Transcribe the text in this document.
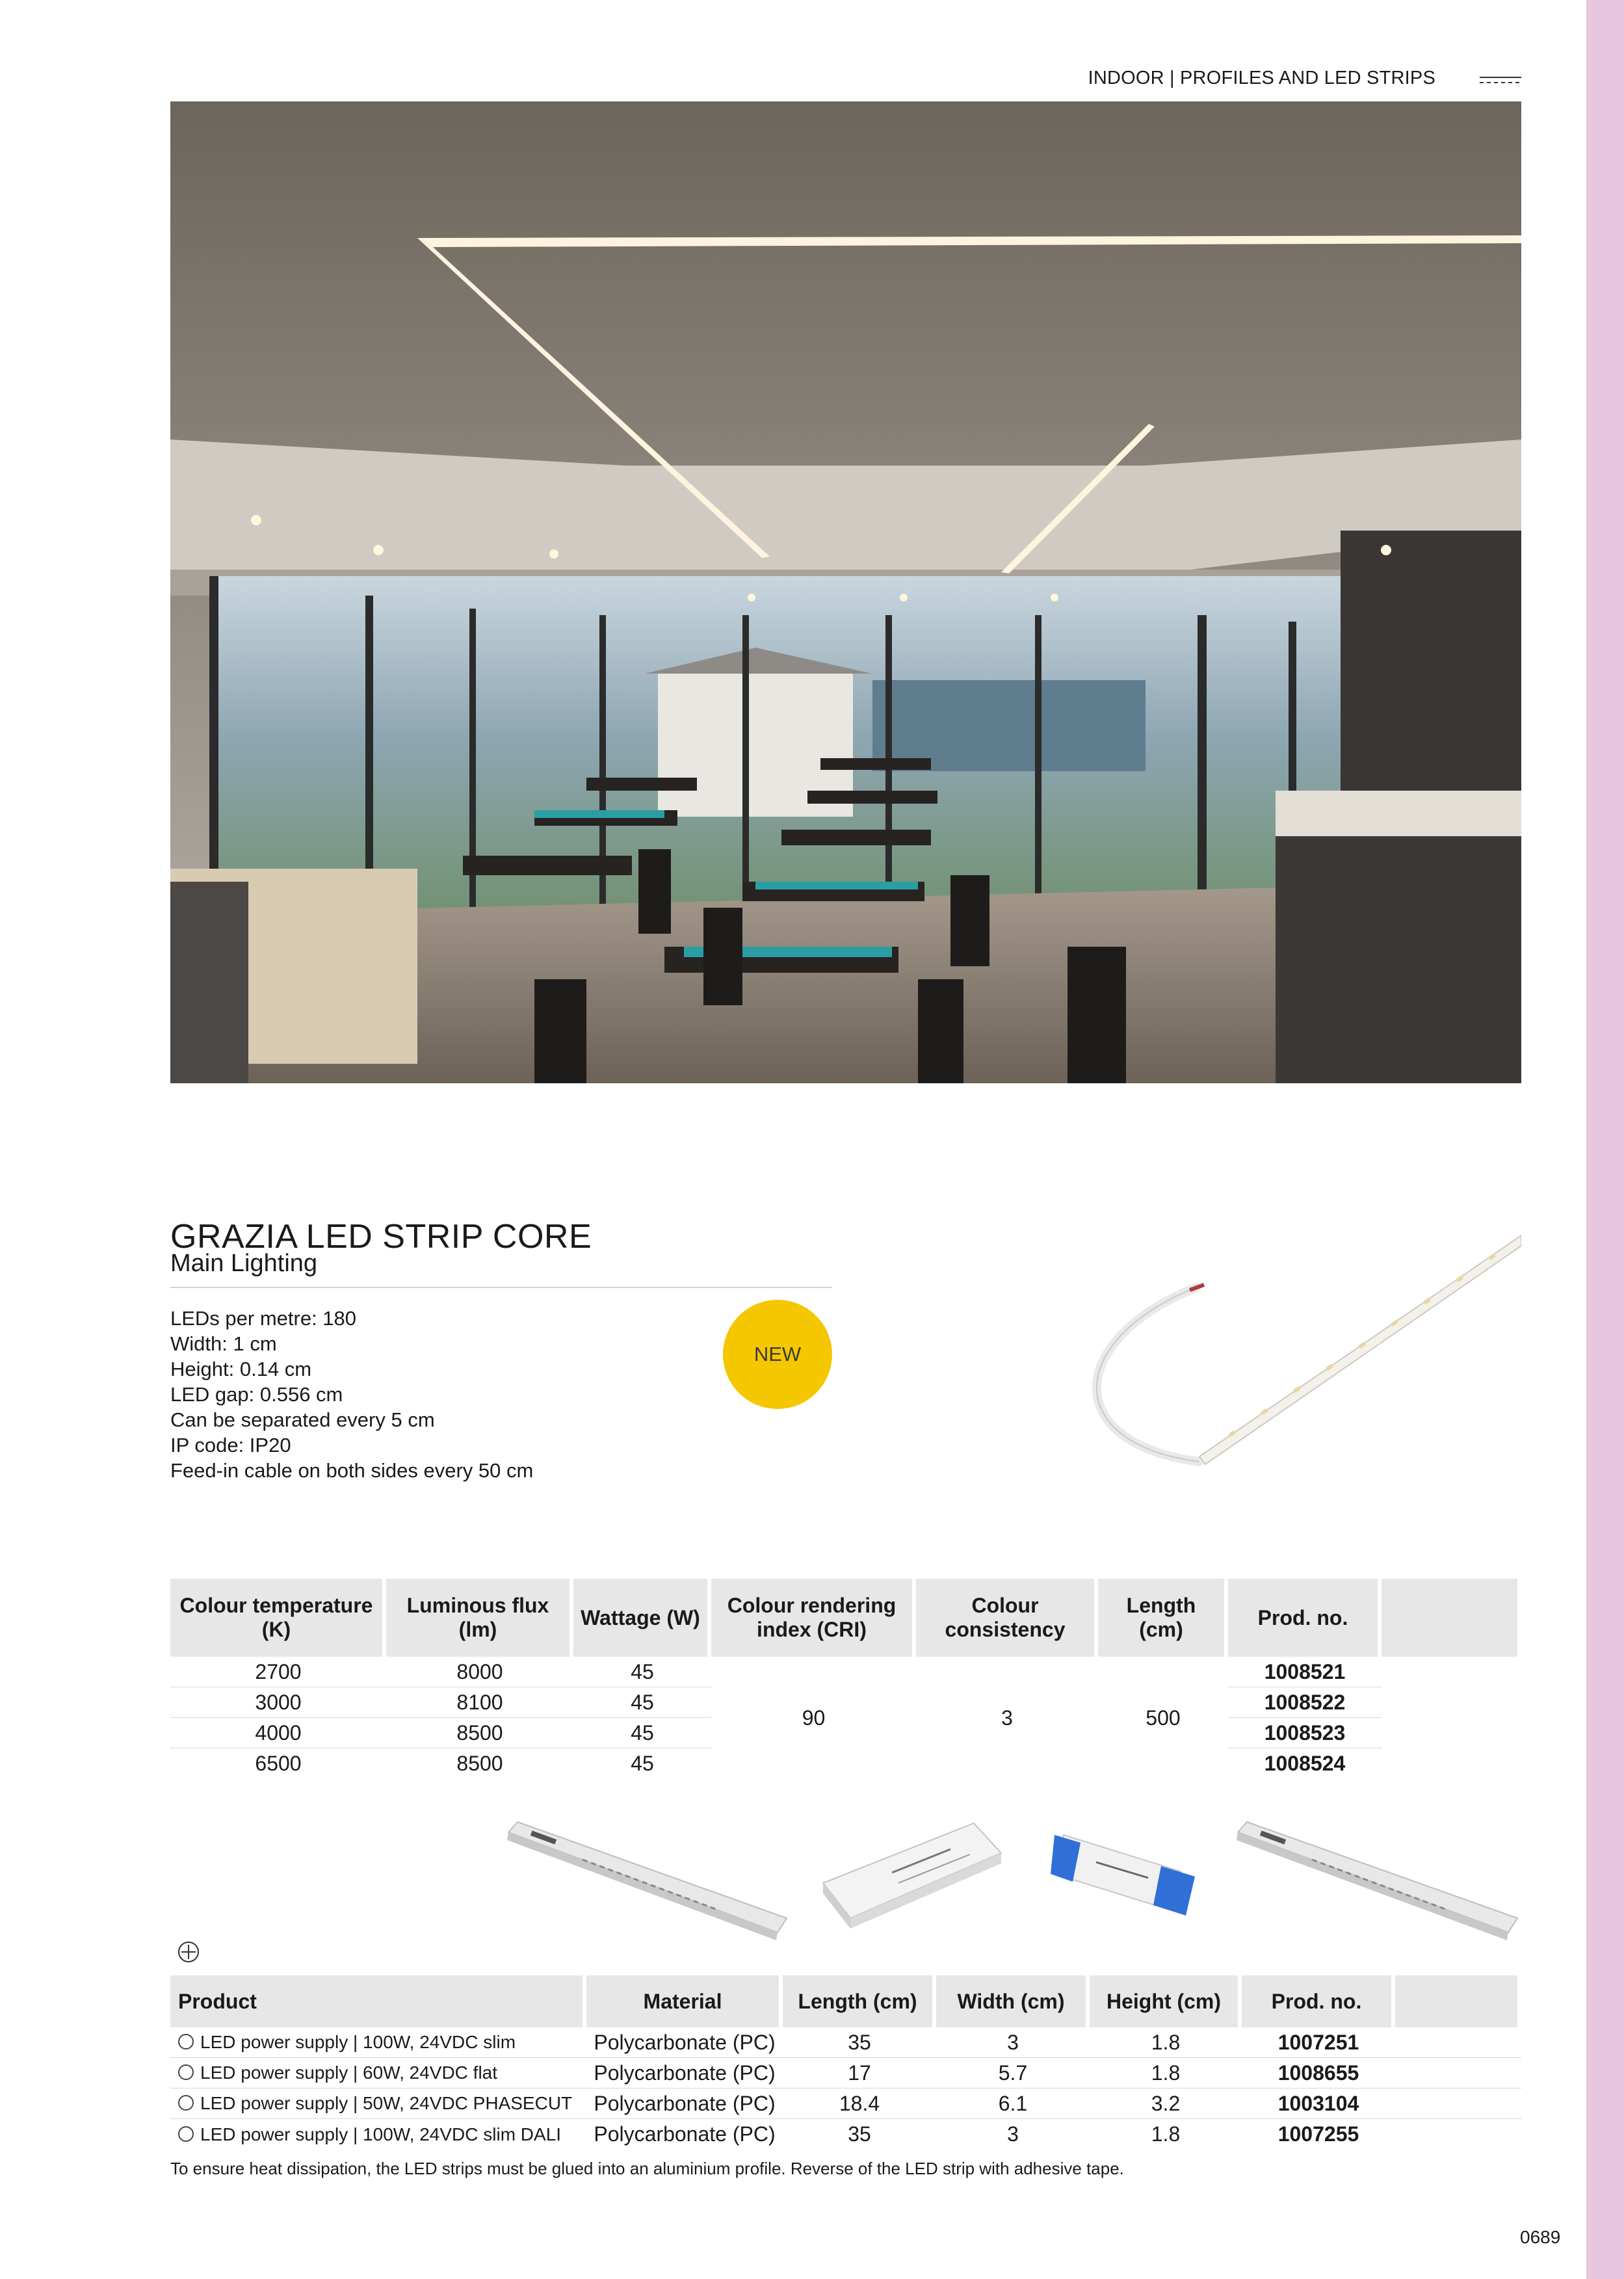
INDOOR | PROFILES AND LED STRIPS
GRAZIA LED STRIP CORE
Main Lighting
LEDs per metre: 180
Width: 1 cm
Height: 0.14 cm
LED gap: 0.556 cm
Can be separated every 5 cm
IP code: IP20
Feed-in cable on both sides every 50 cm
NEW
Colour temperature (K)	Luminous flux (lm)	Wattage (W)	Colour rendering index (CRI)	Colour consistency	Length (cm)	Prod. no.	
2700	8000	45	90	3	500	1008521	
3000	8100	45				1008522	
4000	8500	45				1008523	
6500	8500	45				1008524	
Product	Material	Length (cm)	Width (cm)	Height (cm)	Prod. no.	
LED power supply | 100W, 24VDC slim	Polycarbonate (PC)	35	3	1.8	1007251	
LED power supply | 60W, 24VDC flat	Polycarbonate (PC)	17	5.7	1.8	1008655	
LED power supply | 50W, 24VDC PHASECUT	Polycarbonate (PC)	18.4	6.1	3.2	1003104	
LED power supply | 100W, 24VDC slim DALI	Polycarbonate (PC)	35	3	1.8	1007255	
To ensure heat dissipation, the LED strips must be glued into an aluminium profile. Reverse of the LED strip with adhesive tape.
0689
